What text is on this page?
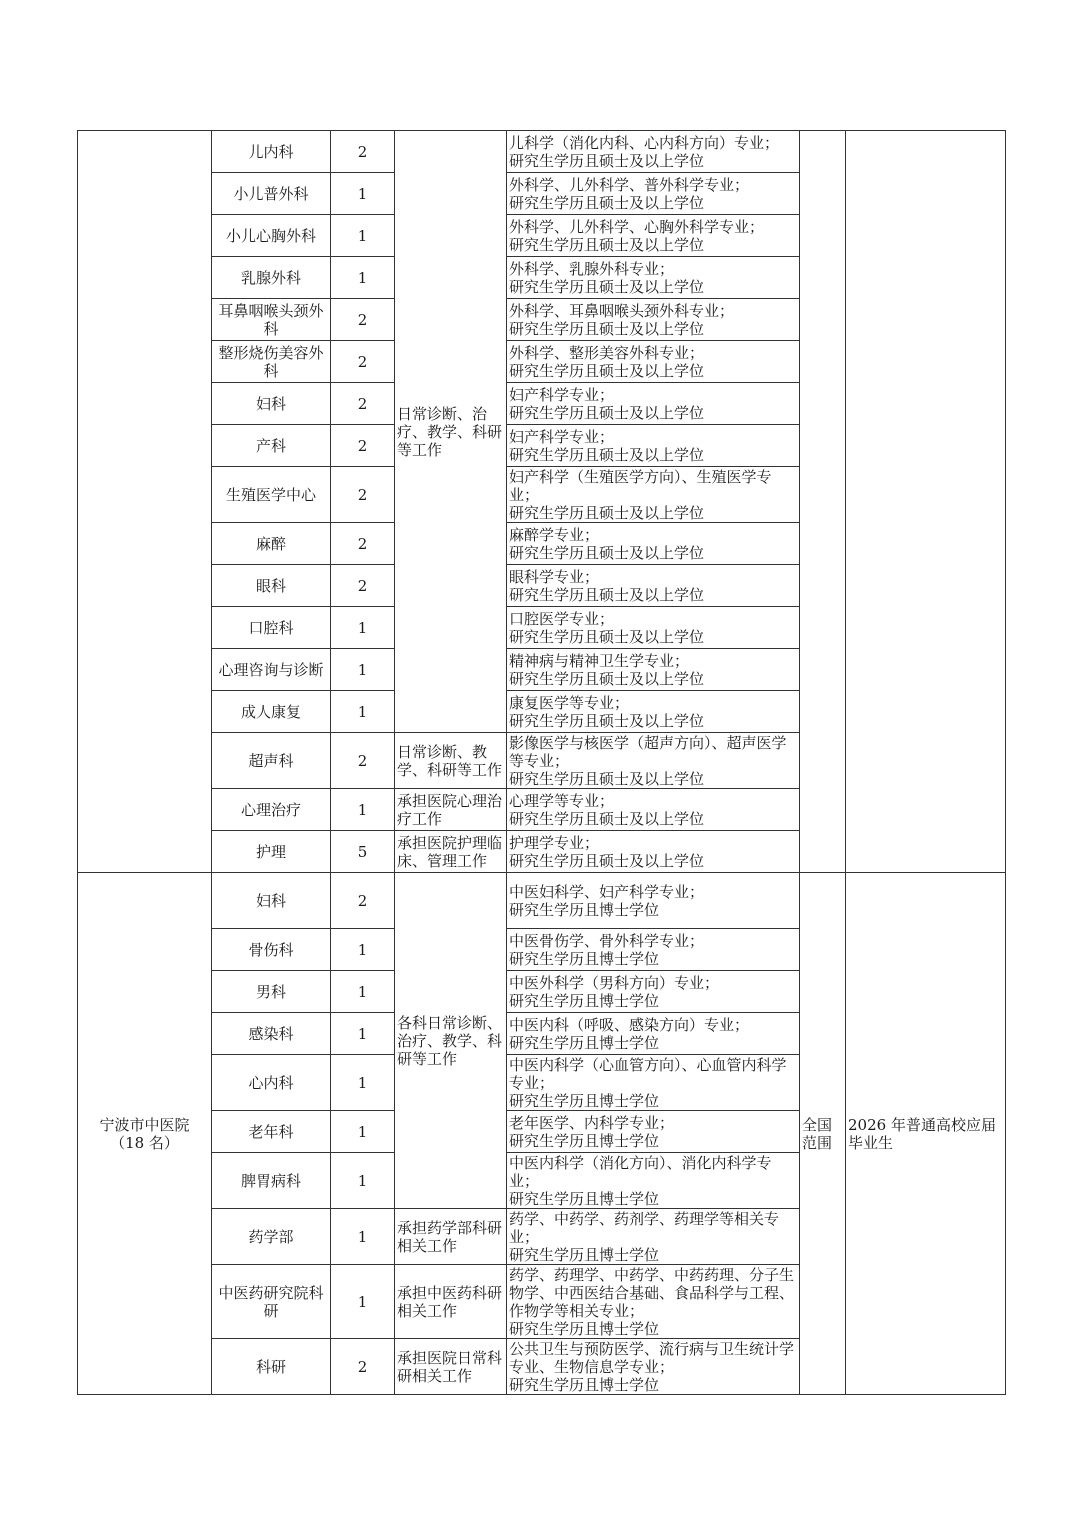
	儿内科	2	日常诊断、治疗、教学、科研等工作	儿科学（消化内科、心内科方向）专业；
研究生学历且硕士及以上学位		

	小儿普外科	1		外科学、儿外科学、普外科学专业；
研究生学历且硕士及以上学位		

	小儿心胸外科	1		外科学、儿外科学、心胸外科学专业；
研究生学历且硕士及以上学位		

	乳腺外科	1		外科学、乳腺外科专业；
研究生学历且硕士及以上学位		

	耳鼻咽喉头颈外科	2		外科学、耳鼻咽喉头颈外科专业；
研究生学历且硕士及以上学位		

	整形烧伤美容外科	2		外科学、整形美容外科专业；
研究生学历且硕士及以上学位		

	妇科	2		妇产科学专业；
研究生学历且硕士及以上学位		

	产科	2		妇产科学专业；
研究生学历且硕士及以上学位		

	生殖医学中心	2		妇产科学（生殖医学方向）、生殖医学专业；
研究生学历且硕士及以上学位		

	麻醉	2		麻醉学专业；
研究生学历且硕士及以上学位		

	眼科	2		眼科学专业；
研究生学历且硕士及以上学位		

	口腔科	1		口腔医学专业；
研究生学历且硕士及以上学位		

	心理咨询与诊断	1		精神病与精神卫生学专业；
研究生学历且硕士及以上学位		

	成人康复	1		康复医学等专业；
研究生学历且硕士及以上学位		

	超声科	2	日常诊断、教学、科研等工作	影像医学与核医学（超声方向）、超声医学等专业；
研究生学历且硕士及以上学位		

	心理治疗	1	承担医院心理治疗工作	心理学等专业；
研究生学历且硕士及以上学位		

	护理	5	承担医院护理临床、管理工作	护理学专业；
研究生学历且硕士及以上学位		

宁波市中医院
（18 名）	妇科	2	各科日常诊断、治疗、教学、科研等工作	中医妇科学、妇产科学专业；
研究生学历且博士学位	全国范围	2026 年普通高校应届毕业生
	骨伤科	1		中医骨伤学、骨外科学专业；
研究生学历且博士学位		

	男科	1		中医外科学（男科方向）专业；
研究生学历且博士学位		

	感染科	1		中医内科（呼吸、感染方向）专业；
研究生学历且博士学位		

	心内科	1		中医内科学（心血管方向）、心血管内科学专业；
研究生学历且博士学位		

	老年科	1		老年医学、内科学专业；
研究生学历且博士学位		

	脾胃病科	1		中医内科学（消化方向）、消化内科学专业；
研究生学历且博士学位		

	药学部	1	承担药学部科研相关工作	药学、中药学、药剂学、药理学等相关专业；
研究生学历且博士学位		

	中医药研究院科研	1	承担中医药科研相关工作	药学、药理学、中药学、中药药理、分子生物学、中西医结合基础、食品科学与工程、作物学等相关专业；
研究生学历且博士学位		

	科研	2	承担医院日常科研相关工作	公共卫生与预防医学、流行病与卫生统计学专业、生物信息学专业；
研究生学历且博士学位		
